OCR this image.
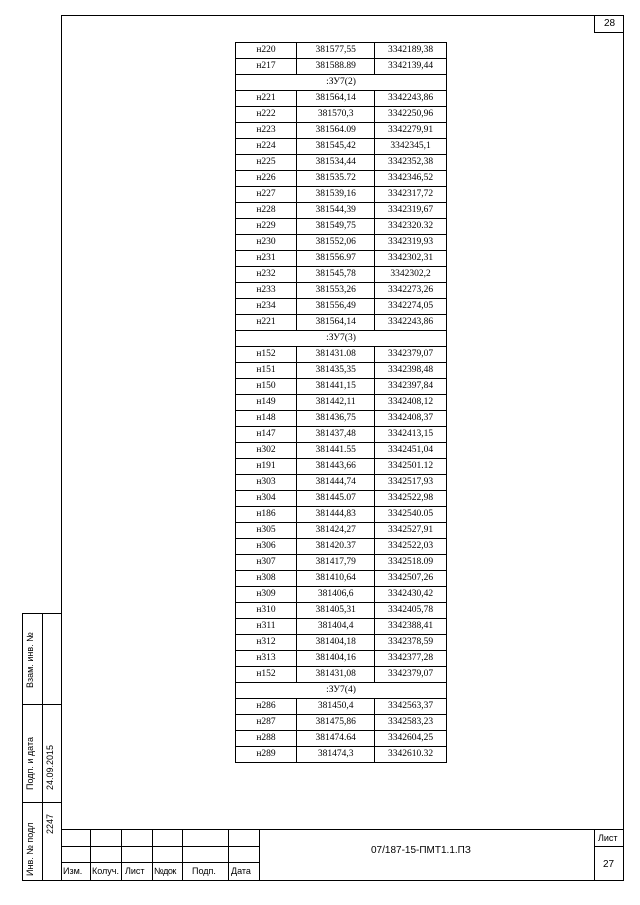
28
н220	381577,55	3342189,38
н217	381588.89	3342139,44
:ЗУ7(2)		
н221	381564,14	3342243,86
н222	381570,3	3342250,96
н223	381564.09	3342279,91
н224	381545,42	3342345,1
н225	381534,44	3342352,38
н226	381535.72	3342346,52
н227	381539,16	3342317,72
н228	381544,39	3342319,67
н229	381549,75	3342320.32
н230	381552,06	3342319,93
н231	381556.97	3342302,31
н232	381545,78	3342302,2
н233	381553,26	3342273,26
н234	381556,49	3342274,05
н221	381564,14	3342243,86
:ЗУ7(3)		
н152	381431.08	3342379,07
н151	381435,35	3342398,48
н150	381441,15	3342397,84
н149	381442,11	3342408,12
н148	381436,75	3342408,37
н147	381437,48	3342413,15
н302	381441.55	3342451,04
н191	381443,66	3342501.12
н303	381444,74	3342517,93
н304	381445.07	3342522,98
н186	381444,83	3342540.05
н305	381424,27	3342527,91
н306	381420.37	3342522,03
н307	381417,79	3342518.09
н308	381410,64	3342507,26
н309	381406,6	3342430,42
н310	381405,31	3342405,78
н311	381404,4	3342388,41
н312	381404,18	3342378,59
н313	381404,16	3342377,28
н152	381431,08	3342379,07
:ЗУ7(4)		
н286	381450,4	3342563,37
н287	381475,86	3342583,23
н288	381474.64	3342604,25
н289	381474,3	3342610.32
Взам. инв. №
Подп. и дата 24.09.2015
Инв. № подл 2247
Изм. Колуч. Лист №док Подп. Дата
07/187-15-ПМТ1.1.ПЗ
Лист
27
